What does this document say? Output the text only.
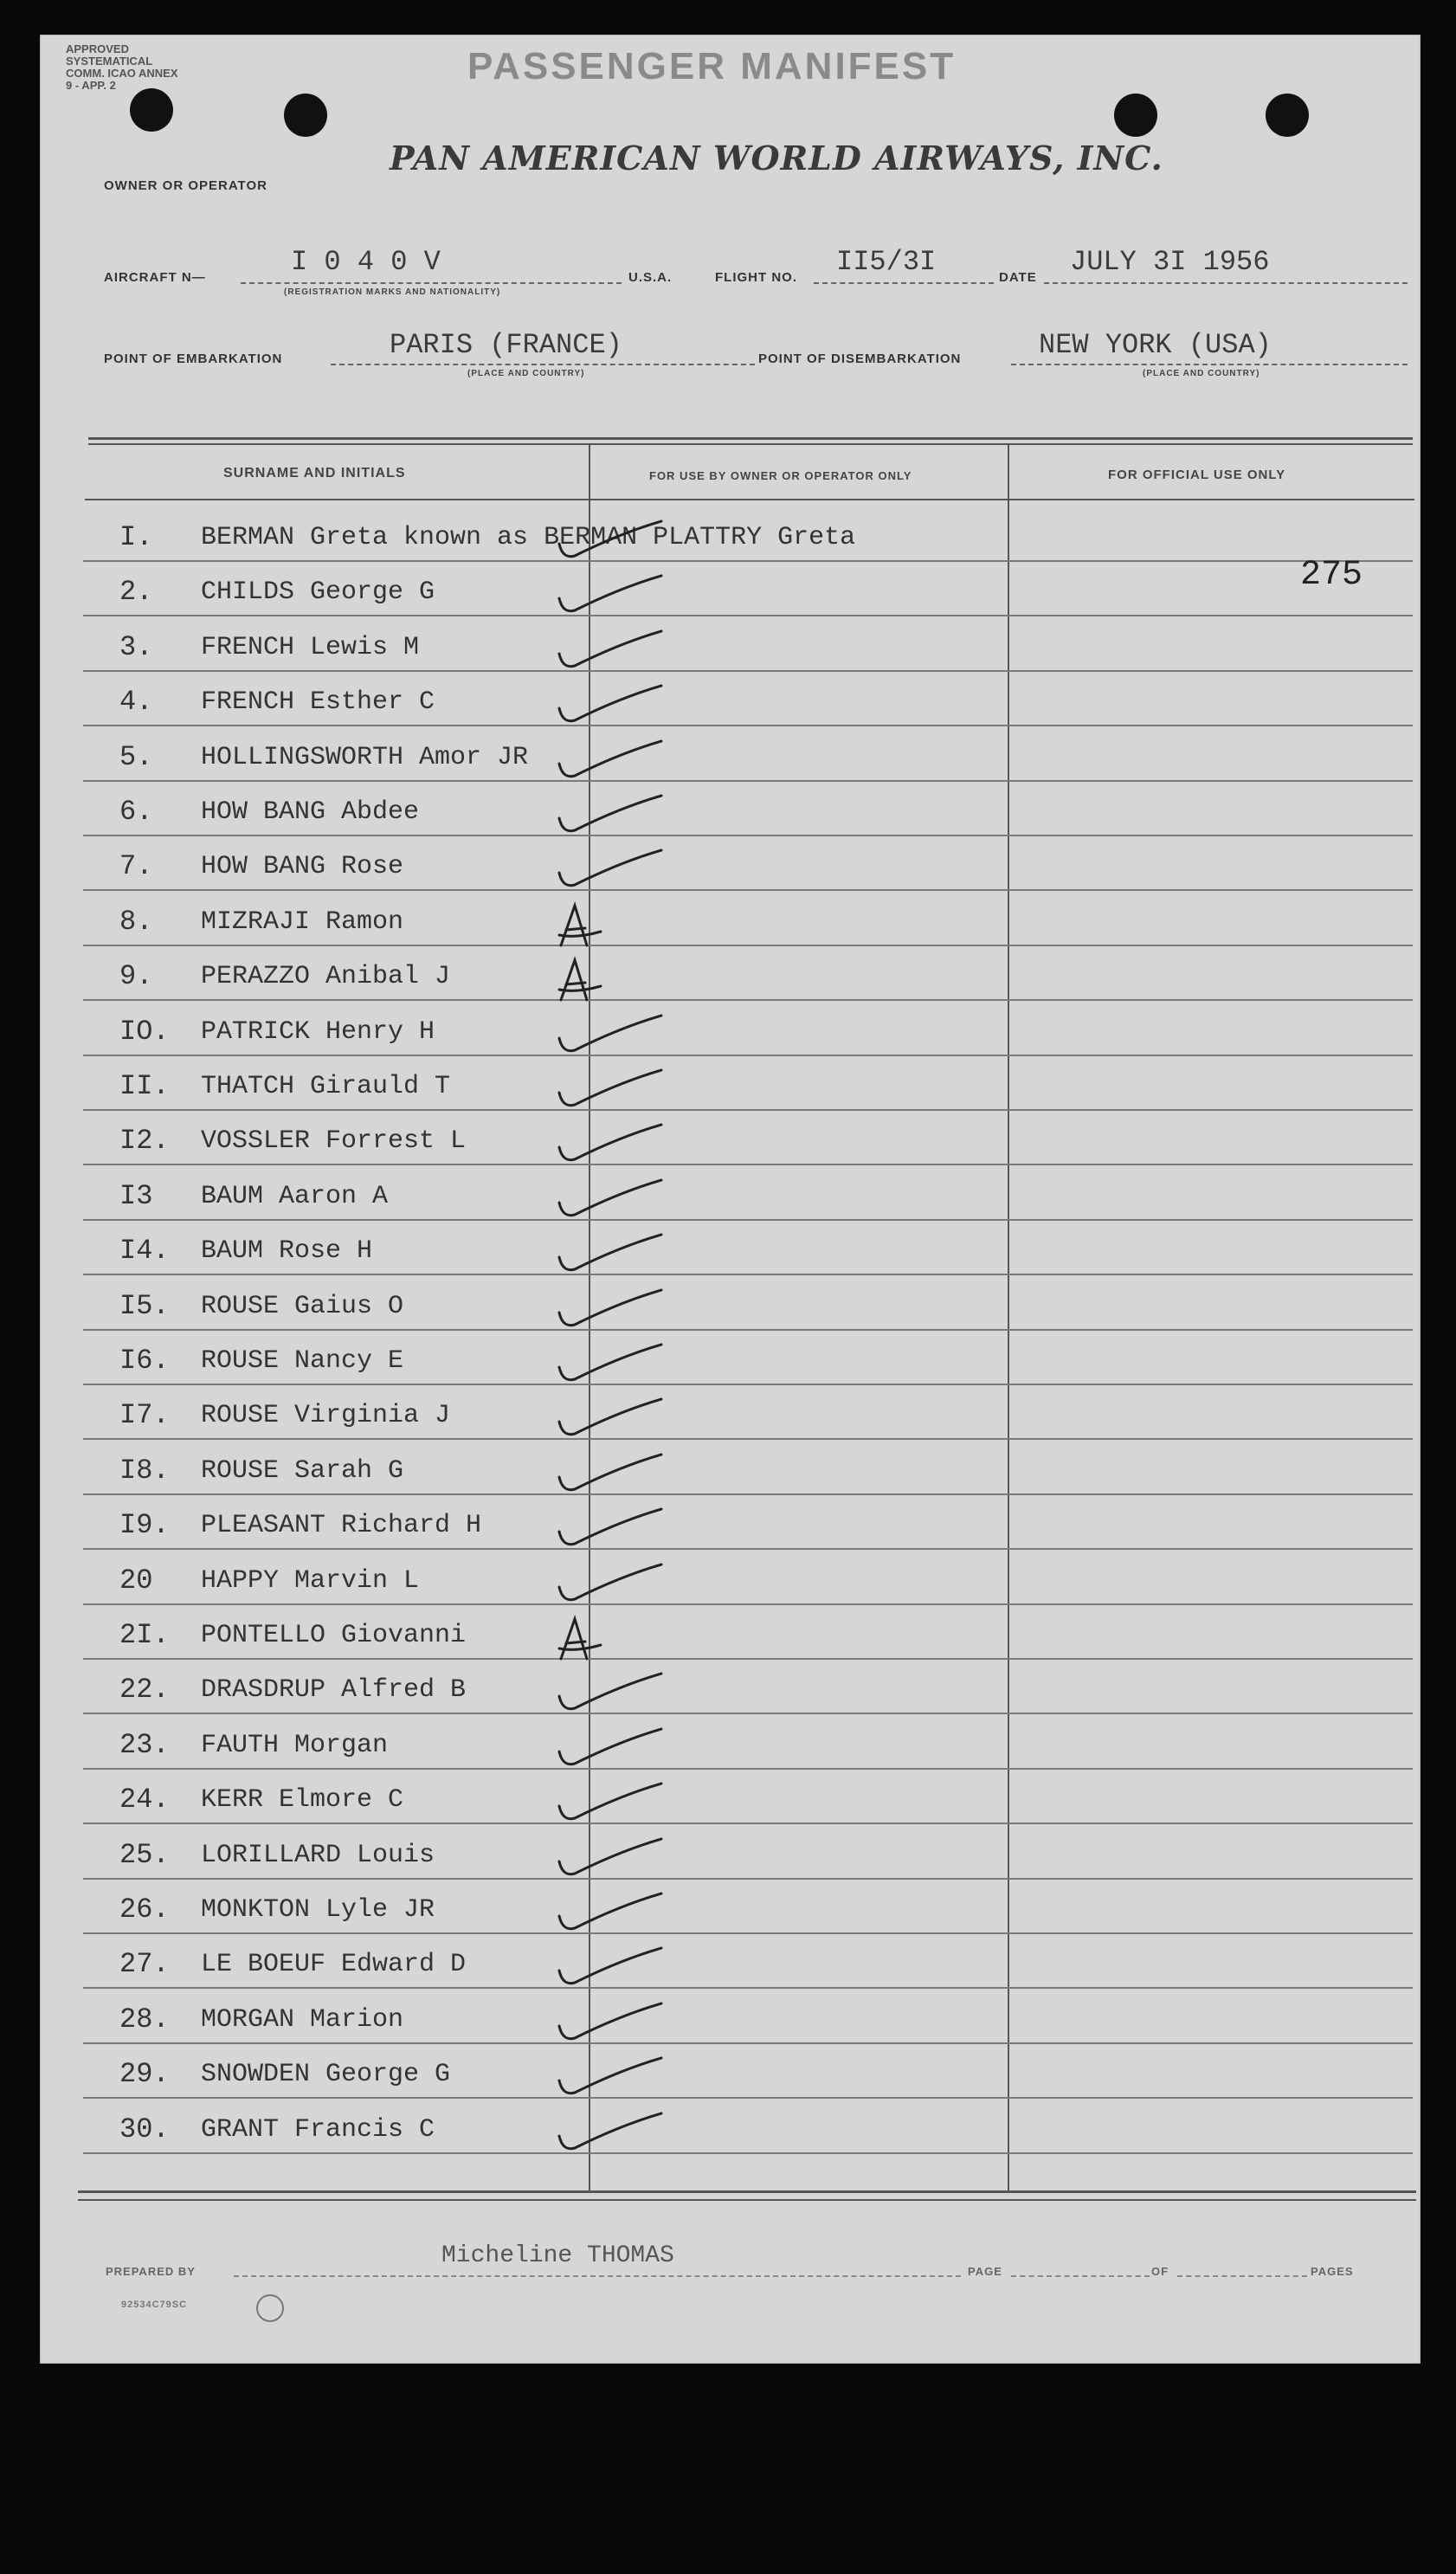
APPROVED SYSTEMATICAL COMM. ICAO ANNEX 9 - APP. 2	PASSENGER MANIFEST
OWNER OR OPERATOR
PAN AMERICAN WORLD AIRWAYS, INC.
AIRCRAFT N—	I 0 4 0 V
(REGISTRATION MARKS AND NATIONALITY)
U.S.A.	FLIGHT NO. II5/3I	DATE JULY 3I 1956
POINT OF EMBARKATION	PARIS (FRANCE)
(PLACE AND COUNTRY)
POINT OF DISEMBARKATION	NEW YORK (USA)
(PLACE AND COUNTRY)
SURNAME AND INITIALS	FOR USE BY OWNER OR OPERATOR ONLY	FOR OFFICIAL USE ONLY
I. BERMAN Greta known as BERMAN PLATTRY Greta
2. CHILDS George G
3. FRENCH Lewis M
4. FRENCH Esther C
5. HOLLINGSWORTH Amor JR
6. HOW BANG Abdee
7. HOW BANG Rose
8. MIZRAJI Ramon
9. PERAZZO Anibal J
IO. PATRICK Henry H
II. THATCH Girauld T
I2. VOSSLER Forrest L
I3 BAUM Aaron A
I4. BAUM Rose H
I5. ROUSE Gaius O
I6. ROUSE Nancy E
I7. ROUSE Virginia J
I8. ROUSE Sarah G
I9. PLEASANT Richard H
20 HAPPY Marvin L
2I. PONTELLO Giovanni
22. DRASDRUP Alfred B
23. FAUTH Morgan
24. KERR Elmore C
25. LORILLARD Louis
26. MONKTON Lyle JR
27. LE BOEUF Edward D
28. MORGAN Marion
29. SNOWDEN George G
30. GRANT Francis C
275
PREPARED BY
Micheline THOMAS
PAGE	OF	PAGES
92534C79SC
